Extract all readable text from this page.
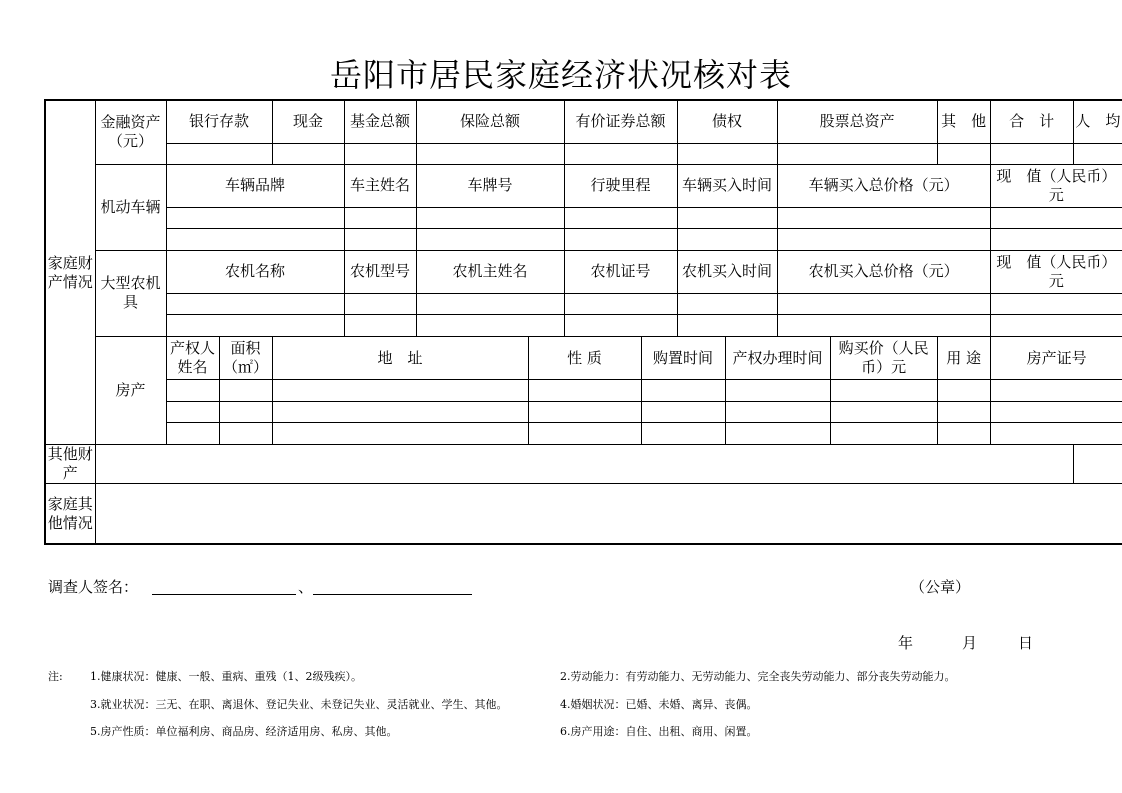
岳阳市居民家庭经济状况核对表
家庭财产情况	金融资产（元）	银行存款		现金	基金总额	保险总额		有价证券总额		债权		股票总资产		其　他	合　计	人　均

	机动车辆	车辆品牌			车主姓名	车牌号		行驶里程		车辆买入时间		车辆买入总价格（元）			现　值（人民币）元	

	大型农机具	农机名称			农机型号	农机主姓名		农机证号		农机买入时间		农机买入总价格（元）			现　值（人民币）元	

	房产	产权人姓名	面积（㎡）	地　址			性 质		购置时间		产权办理时间		购买价（人民币）元	用 途	房产证号	

其他财产																
家庭其他情况																
调查人签名：	、	（公章）
年	月	日
注: 1.健康状况：健康、一般、重病、重残（1、2级残疾）。	2.劳动能力：有劳动能力、无劳动能力、完全丧失劳动能力、部分丧失劳动能力。
3.就业状况：三无、在职、离退休、登记失业、未登记失业、灵活就业、学生、其他。	4.婚姻状况：已婚、未婚、离异、丧偶。
5.房产性质：单位福利房、商品房、经济适用房、私房、其他。	6.房产用途：自住、出租、商用、闲置。
